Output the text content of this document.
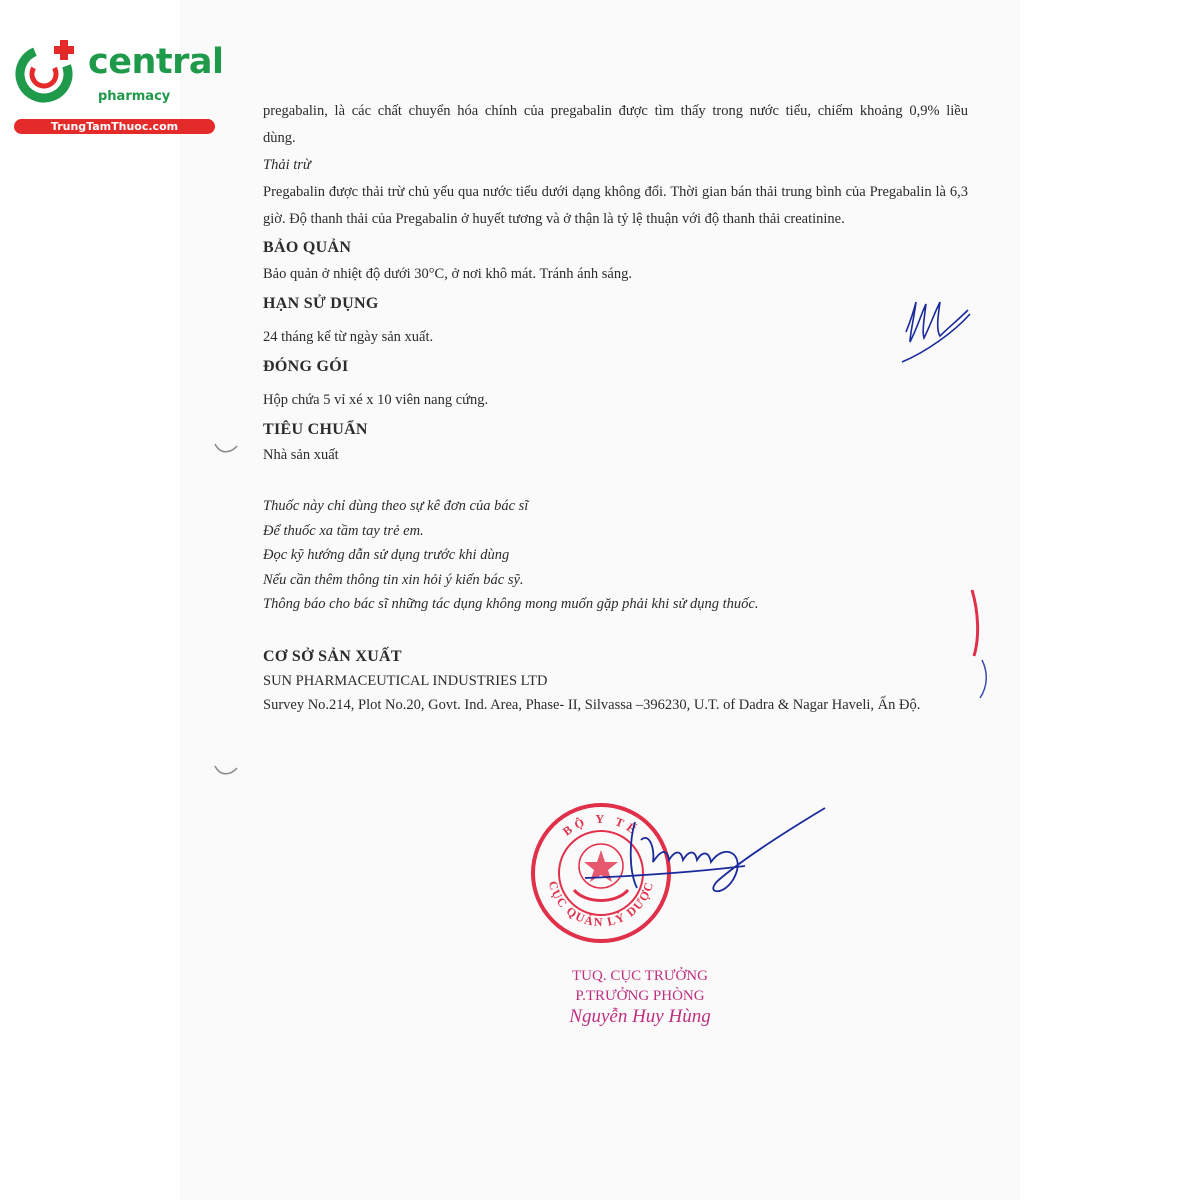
central
pharmacy
TrungTamThuoc.com

pregabalin, là các chất chuyển hóa chính của pregabalin được tìm thấy trong nước tiểu, chiếm khoảng 0,9% liều

dùng.

Thải trừ

Pregabalin được thải trừ chủ yếu qua nước tiểu dưới dạng không đổi. Thời gian bán thải trung bình của Pregabalin là 6,3 giờ. Độ thanh thải của Pregabalin ở huyết tương và ở thận là tỷ lệ thuận với độ thanh thải creatinine.

BẢO QUẢN

Bảo quản ở nhiệt độ dưới 30°C, ở nơi khô mát. Tránh ánh sáng.

HẠN SỬ DỤNG

24 tháng kể từ ngày sản xuất.

ĐÓNG GÓI

Hộp chứa 5 vỉ xé x 10 viên nang cứng.

TIÊU CHUẨN

Nhà sản xuất

Thuốc này chỉ dùng theo sự kê đơn của bác sĩ

Để thuốc xa tầm tay trẻ em.

Đọc kỹ hướng dẫn sử dụng trước khi dùng

Nếu cần thêm thông tin xin hỏi ý kiến bác sỹ.

Thông báo cho bác sĩ những tác dụng không mong muốn gặp phải khi sử dụng thuốc.

CƠ SỞ SẢN XUẤT

SUN PHARMACEUTICAL INDUSTRIES LTD

Survey No.214, Plot No.20, Govt. Ind. Area, Phase- II, Silvassa –396230, U.T. of Dadra & Nagar Haveli, Ấn Độ.

BỘ Y TẾ
CỤC QUẢN LÝ DƯỢC
TUQ. CỤC TRƯỞNG
P.TRƯỞNG PHÒNG
Nguyễn Huy Hùng
